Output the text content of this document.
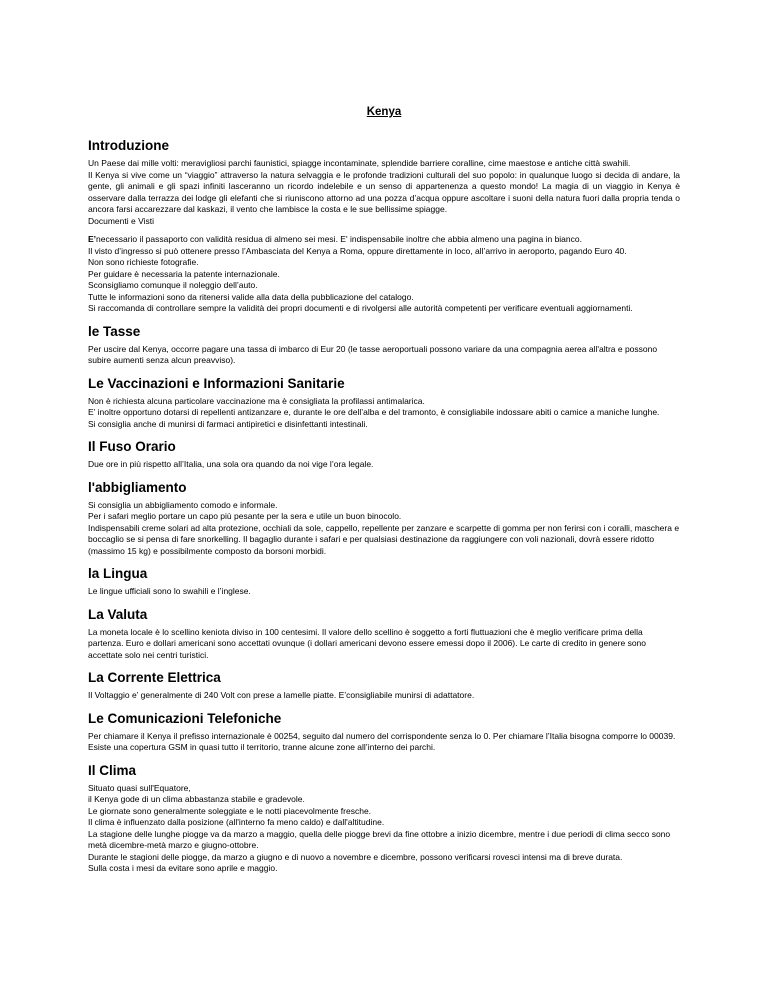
Kenya
Introduzione

Un Paese dai mille volti: meravigliosi parchi faunistici, spiagge incontaminate, splendide barriere coralline, cime maestose e antiche città swahili.

Il Kenya si vive come un “viaggio” attraverso la natura selvaggia e le profonde tradizioni culturali del suo popolo: in qualunque luogo si decida di andare, la gente, gli animali e gli spazi infiniti lasceranno un ricordo indelebile e un senso di appartenenza a questo mondo! La magia di un viaggio in Kenya è osservare dalla terrazza dei lodge gli elefanti che si riuniscono attorno ad una pozza d’acqua oppure ascoltare i suoni della natura fuori dalla propria tenda o ancora farsi accarezzare dal kaskazi, il vento che lambisce la costa e le sue bellissime spiagge.

Documenti e Visti

E’necessario il passaporto con validità residua di almeno sei mesi. E' indispensabile inoltre che abbia almeno una pagina in bianco.

Il visto d’ingresso si può ottenere presso l’Ambasciata del Kenya a Roma, oppure direttamente in loco, all’arrivo in aeroporto, pagando Euro 40.

Non sono richieste fotografie.

Per guidare è necessaria la patente internazionale.

Sconsigliamo comunque il noleggio dell’auto.

Tutte le informazioni sono da ritenersi valide alla data della pubblicazione del catalogo.

Si raccomanda di controllare sempre la validità dei propri documenti e di rivolgersi alle autorità competenti per verificare eventuali aggiornamenti.

le Tasse

Per uscire dal Kenya, occorre pagare una tassa di imbarco di Eur 20 (le tasse aeroportuali possono variare da una compagnia aerea all'altra e possono subire aumenti senza alcun preavviso).

Le Vaccinazioni e Informazioni Sanitarie

Non è richiesta alcuna particolare vaccinazione ma è consigliata la profilassi antimalarica.

E’ inoltre opportuno dotarsi di repellenti antizanzare e, durante le ore dell’alba e del tramonto, è consigliabile indossare abiti o camice a maniche lunghe.

Si consiglia anche di munirsi di farmaci antipiretici e disinfettanti intestinali.

Il Fuso Orario

Due ore in più rispetto all’Italia, una sola ora quando da noi vige l’ora legale.

l'abbigliamento

Si consiglia un abbigliamento comodo e informale.

Per i safari meglio portare un capo più pesante per la sera e utile un buon binocolo.

Indispensabili creme solari ad alta protezione, occhiali da sole, cappello, repellente per zanzare e scarpette di gomma per non ferirsi con i coralli, maschera e boccaglio se si pensa di fare snorkelling. Il bagaglio durante i safari e per qualsiasi destinazione da raggiungere con voli nazionali, dovrà essere ridotto (massimo 15 kg) e possibilmente composto da borsoni morbidi.

la Lingua

Le lingue ufficiali sono lo swahili e l’inglese.

La Valuta

La moneta locale è lo scellino keniota diviso in 100 centesimi. Il valore dello scellino è soggetto a forti fluttuazioni che è meglio verificare prima della partenza. Euro e dollari americani sono accettati ovunque (i dollari americani devono essere emessi dopo il 2006). Le carte di credito in genere sono accettate solo nei centri turistici.

La Corrente Elettrica

Il Voltaggio e’ generalmente di 240 Volt con prese a lamelle piatte. E’consigliabile munirsi di adattatore.

Le Comunicazioni Telefoniche

Per chiamare il Kenya il prefisso internazionale è 00254, seguito dal numero del corrispondente senza lo 0. Per chiamare l’Italia bisogna comporre lo 00039.

Esiste una copertura GSM in quasi tutto il territorio, tranne alcune zone all’interno dei parchi.

Il Clima

Situato quasi sull'Equatore,

il Kenya gode di un clima abbastanza stabile e gradevole.

Le giornate sono generalmente soleggiate e le notti piacevolmente fresche.

Il clima è influenzato dalla posizione (all'interno fa meno caldo) e dall'altitudine.

La stagione delle lunghe piogge va da marzo a maggio, quella delle piogge brevi da fine ottobre a inizio dicembre, mentre i due periodi di clima secco sono metà dicembre-metà marzo e giugno-ottobre.

Durante le stagioni delle piogge, da marzo a giugno e di nuovo a novembre e dicembre, possono verificarsi rovesci intensi ma di breve durata.

Sulla costa i mesi da evitare sono aprile e maggio.
